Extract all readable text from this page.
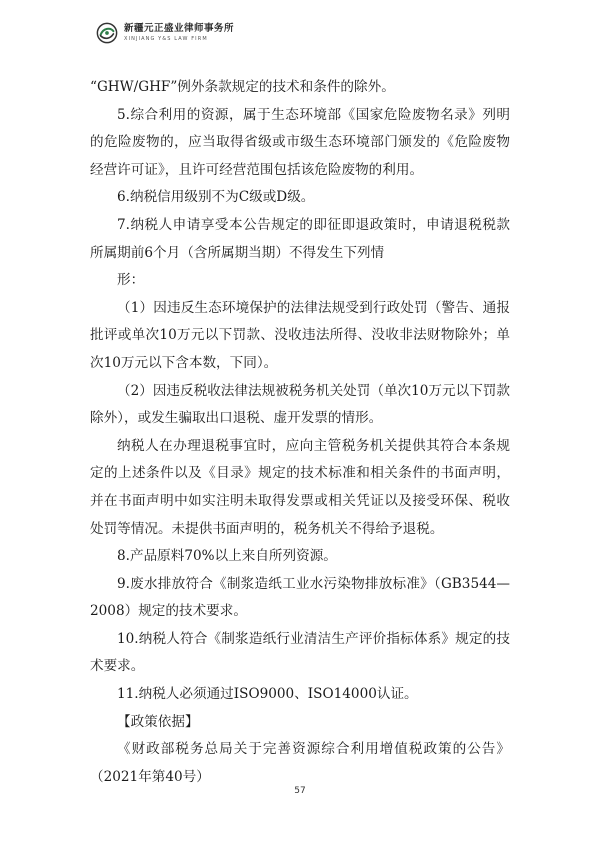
新疆元正盛业律师事务所
XINJIANG Y&S LAW FIRM

“GHW/GHF”例外条款规定的技术和条件的除外。

5.综合利用的资源，属于生态环境部《国家危险废物名录》列明的危险废物的，应当取得省级或市级生态环境部门颁发的《危险废物经营许可证》，且许可经营范围包括该危险废物的利用。

6.纳税信用级别不为C级或D级。

7.纳税人申请享受本公告规定的即征即退政策时，申请退税税款所属期前6个月（含所属期当期）不得发生下列情

形：

（1）因违反生态环境保护的法律法规受到行政处罚（警告、通报批评或单次10万元以下罚款、没收违法所得、没收非法财物除外；单次10万元以下含本数，下同）。

（2）因违反税收法律法规被税务机关处罚（单次10万元以下罚款除外），或发生骗取出口退税、虚开发票的情形。

纳税人在办理退税事宜时，应向主管税务机关提供其符合本条规定的上述条件以及《目录》规定的技术标准和相关条件的书面声明，并在书面声明中如实注明未取得发票或相关凭证以及接受环保、税收处罚等情况。未提供书面声明的，税务机关不得给予退税。

8.产品原料70%以上来自所列资源。

9.废水排放符合《制浆造纸工业水污染物排放标准》（GB3544—2008）规定的技术要求。

10.纳税人符合《制浆造纸行业清洁生产评价指标体系》规定的技术要求。

11.纳税人必须通过ISO9000、ISO14000认证。

【政策依据】

《财政部税务总局关于完善资源综合利用增值税政策的公告》（2021年第40号）

57
